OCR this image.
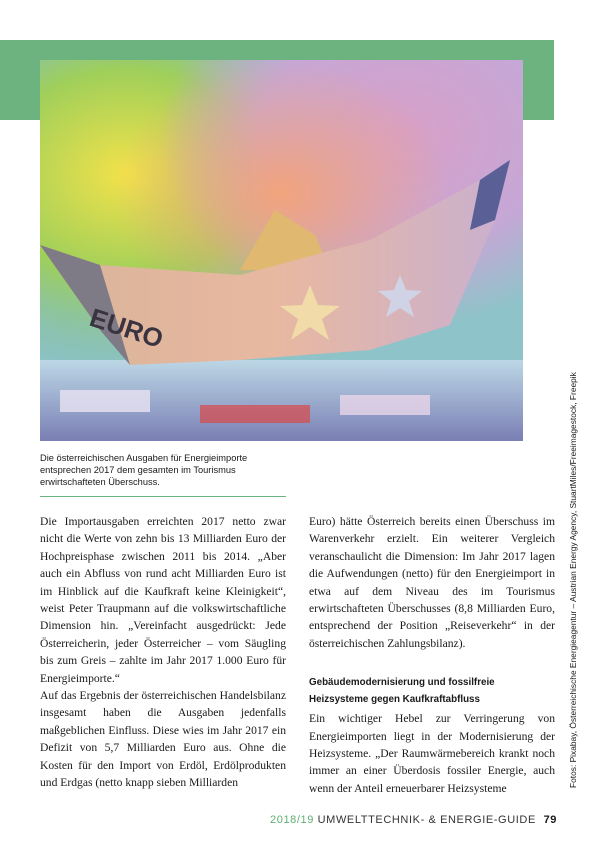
EURO
Die österreichischen Ausgaben für Energieimporte entsprechen 2017 dem gesamten im Tourismus erwirtschafteten Überschuss.

Die Importausgaben erreichten 2017 netto zwar nicht die Werte von zehn bis 13 Milliarden Euro der Hochpreisphase zwischen 2011 bis 2014. „Aber auch ein Abfluss von rund acht Milliarden Euro ist im Hinblick auf die Kaufkraft keine Kleinigkeit“, weist Peter Traupmann auf die volkswirtschaftliche Dimension hin. „Vereinfacht ausgedrückt: Jede Österreicherin, jeder Österreicher – vom Säugling bis zum Greis – zahlte im Jahr 2017 1.000 Euro für Energieimporte.“

Auf das Ergebnis der österreichischen Handelsbilanz insgesamt haben die Ausgaben jedenfalls maßgeblichen Einfluss. Diese wies im Jahr 2017 ein Defizit von 5,7 Milliarden Euro aus. Ohne die Kosten für den Import von Erdöl, Erdölprodukten und Erdgas (netto knapp sieben Milliarden

Euro) hätte Österreich bereits einen Überschuss im Warenverkehr erzielt. Ein weiterer Vergleich veranschaulicht die Dimension: Im Jahr 2017 lagen die Aufwendungen (netto) für den Energieimport in etwa auf dem Niveau des im Tourismus erwirtschafteten Überschusses (8,8 Milliarden Euro, entsprechend der Position „Reiseverkehr“ in der österreichischen Zahlungsbilanz).

Gebäudemodernisierung und fossilfreie
Heizsysteme gegen Kaufkraftabfluss

Ein wichtiger Hebel zur Verringerung von Energieimporten liegt in der Modernisierung der Heizsysteme. „Der Raumwärmebereich krankt noch immer an einer Überdosis fossiler Energie, auch wenn der Anteil erneuerbarer Heizsysteme

Fotos: Pixabay, Österreichische Energieagentur – Austrian Energy Agency, StuartMiles/Freeimagestock, Freepik
2018/19 UMWELTTECHNIK- & ENERGIE-GUIDE 79
